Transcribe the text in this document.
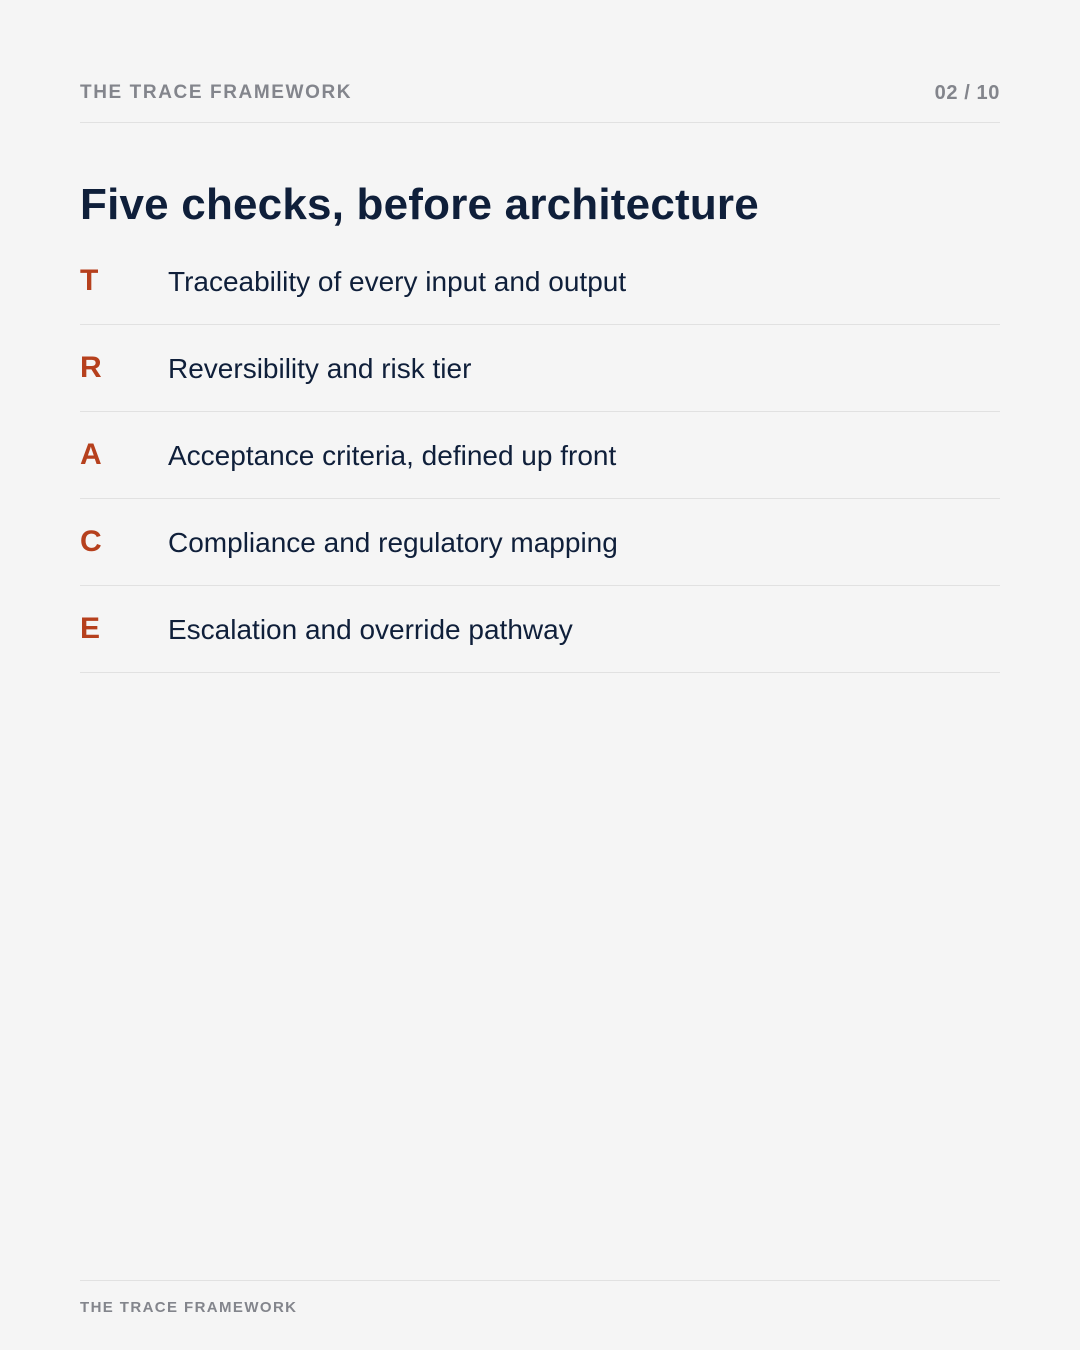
THE TRACE FRAMEWORK	02 / 10
Five checks, before architecture
T Traceability of every input and output
R Reversibility and risk tier
A Acceptance criteria, defined up front
C Compliance and regulatory mapping
E Escalation and override pathway
THE TRACE FRAMEWORK
